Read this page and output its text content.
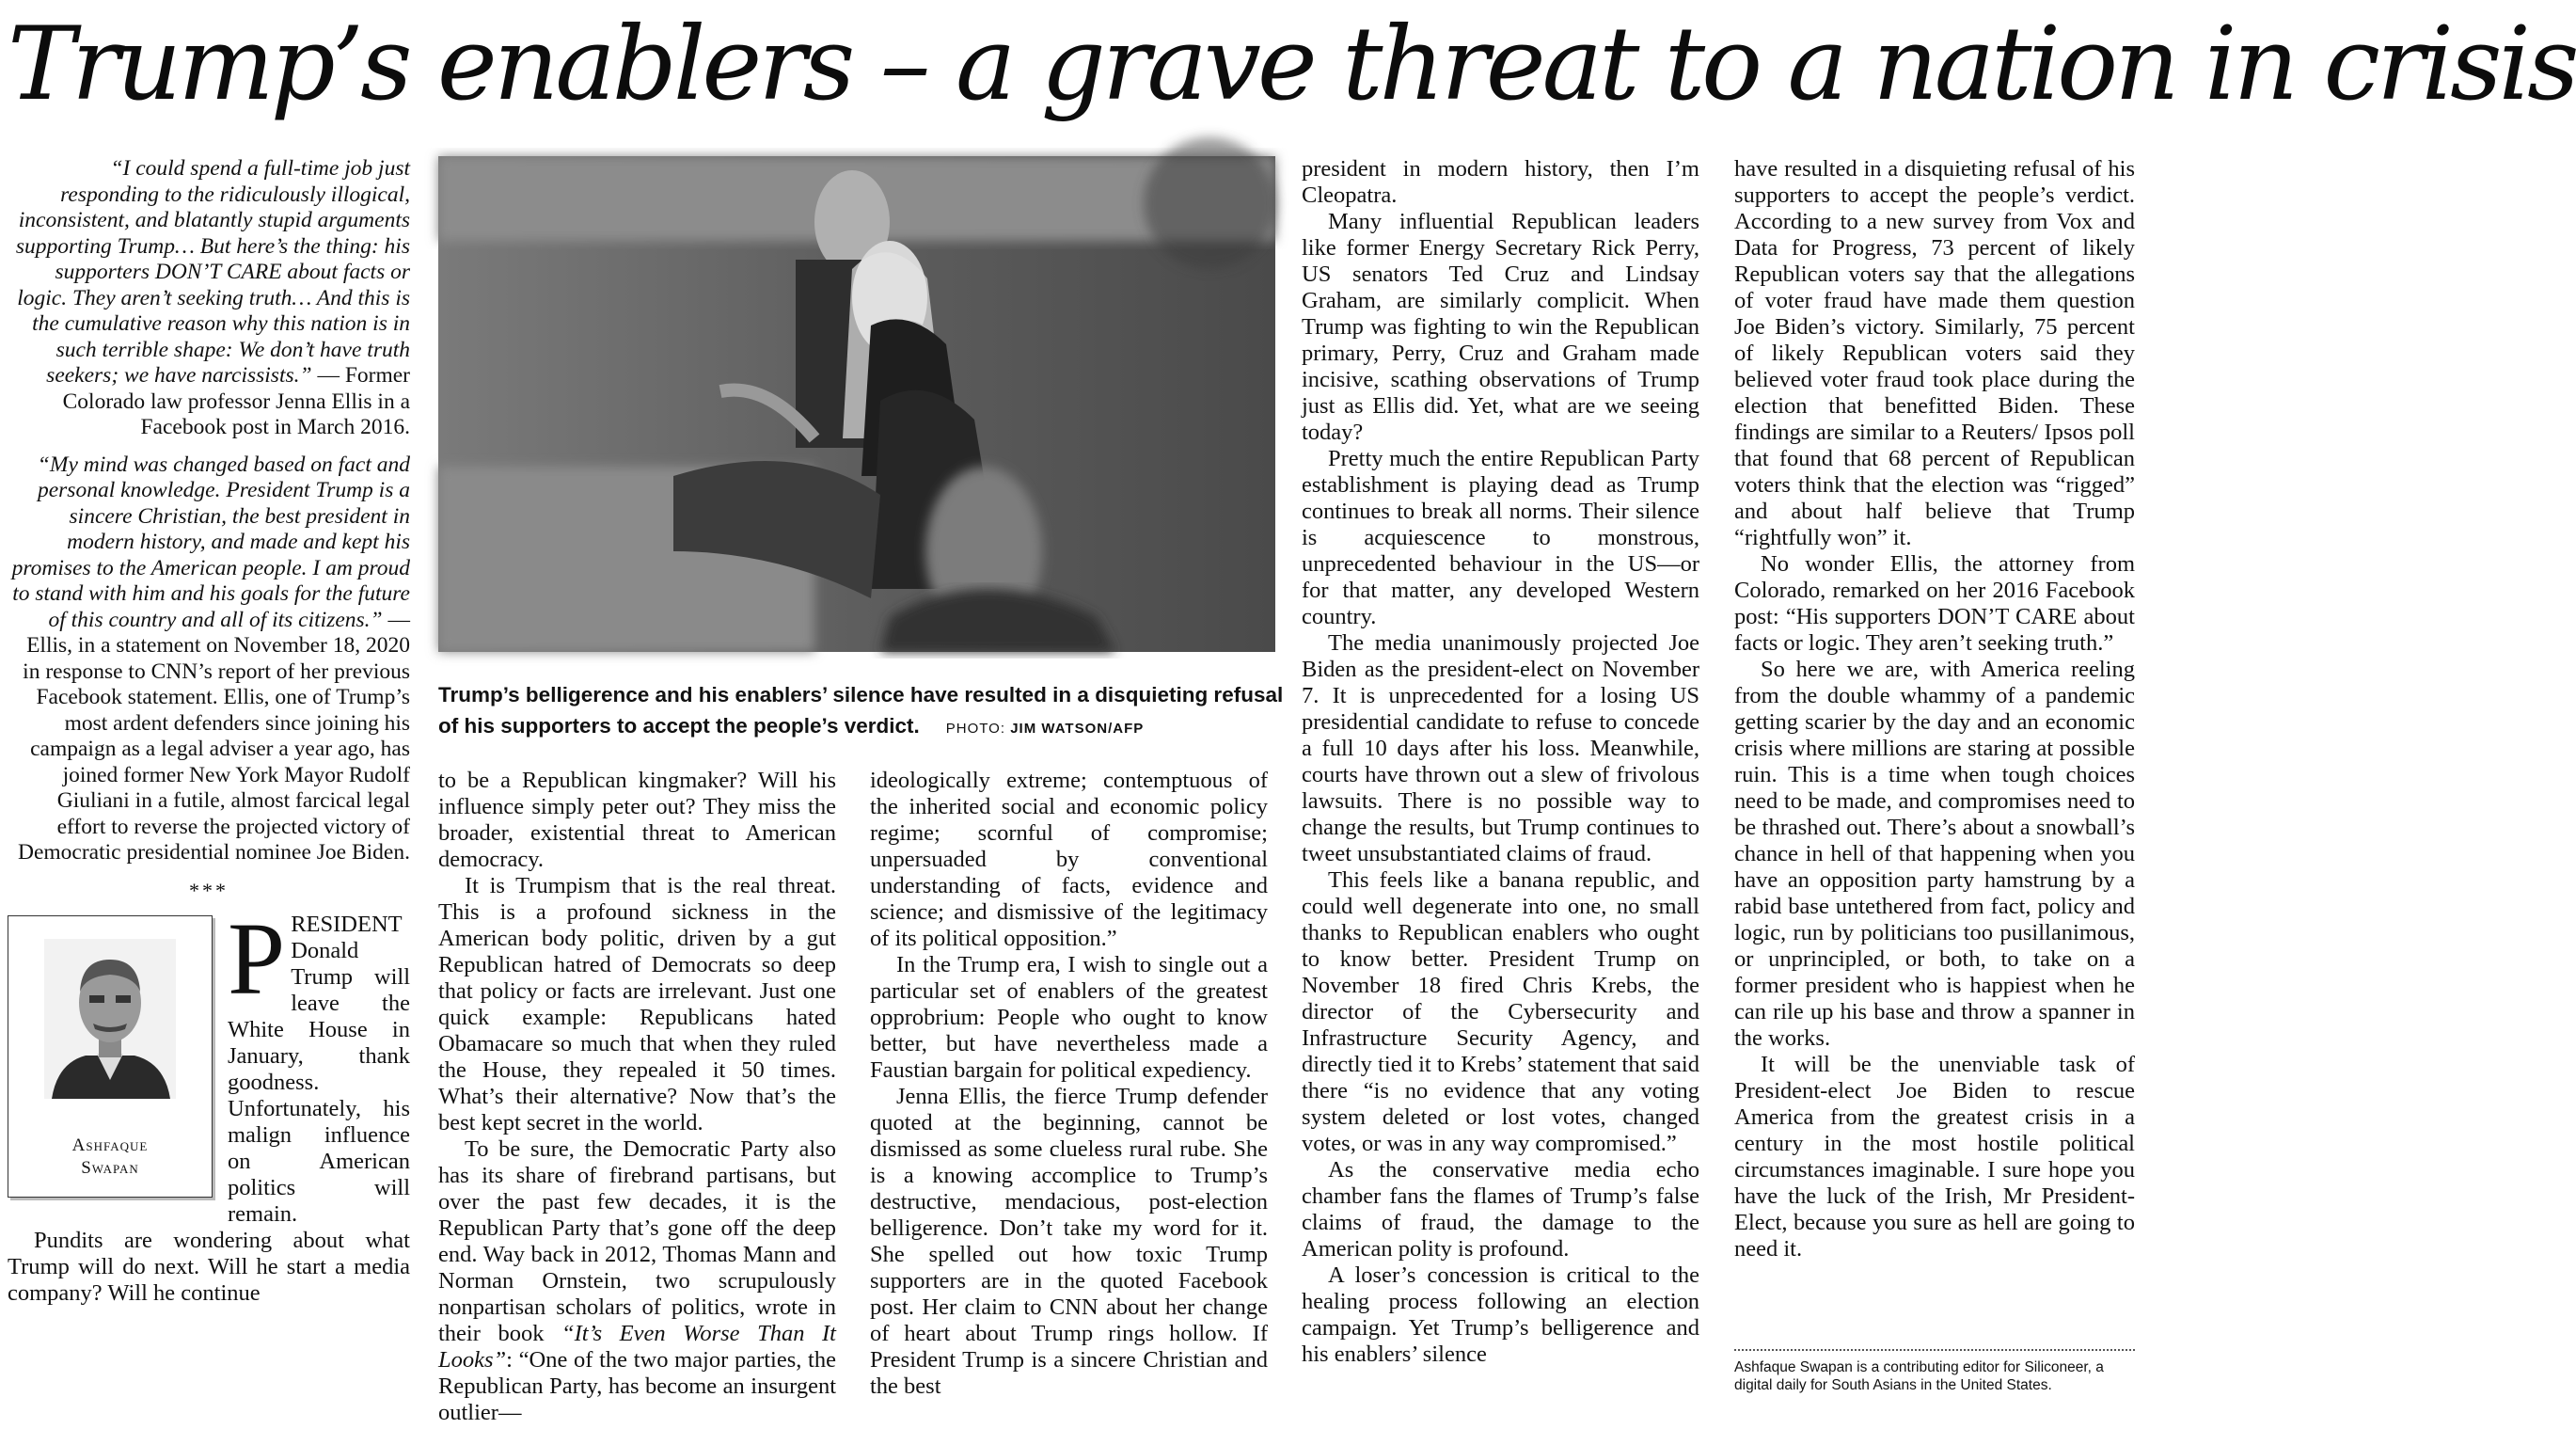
Trump’s enablers – a grave threat to a nation in crisis
“I could spend a full-time job just responding to the ridiculously illogical, inconsistent, and blatantly stupid arguments supporting Trump… But here’s the thing: his supporters DON’T CARE about facts or logic. They aren’t seeking truth… And this is the cumulative reason why this nation is in such terrible shape: We don’t have truth seekers; we have narcissists.” — Former Colorado law professor Jenna Ellis in a Facebook post in March 2016.
“My mind was changed based on fact and personal knowledge. President Trump is a sincere Christian, the best president in modern history, and made and kept his promises to the American people. I am proud to stand with him and his goals for the future of this country and all of its citizens.” — Ellis, in a statement on November 18, 2020 in response to CNN’s report of her previous Facebook statement. Ellis, one of Trump’s most ardent defenders since joining his campaign as a legal adviser a year ago, has joined former New York Mayor Rudolf Giuliani in a futile, almost farcical legal effort to reverse the projected victory of Democratic presidential nominee Joe Biden.
***
Ashfaque
Swapan

PRESIDENT Donald Trump will leave the White House in January, thank goodness. Unfortunately, his malign influence on American politics will remain.

Pundits are wondering about what Trump will do next. Will he start a media company? Will he continue

Trump’s belligerence and his enablers’ silence have resulted in a disquieting refusal of his supporters to accept the people’s verdict. PHOTO: JIM WATSON/AFP

to be a Republican kingmaker? Will his influence simply peter out? They miss the broader, existential threat to American democracy.

It is Trumpism that is the real threat. This is a profound sickness in the American body politic, driven by a gut Republican hatred of Democrats so deep that policy or facts are irrelevant. Just one quick example: Republicans hated Obamacare so much that when they ruled the House, they repealed it 50 times. What’s their alternative? Now that’s the best kept secret in the world.

To be sure, the Democratic Party also has its share of firebrand partisans, but over the past few decades, it is the Republican Party that’s gone off the deep end. Way back in 2012, Thomas Mann and Norman Ornstein, two scrupulously nonpartisan scholars of politics, wrote in their book “It’s Even Worse Than It Looks”: “One of the two major parties, the Republican Party, has become an insurgent outlier—

ideologically extreme; contemptuous of the inherited social and economic policy regime; scornful of compromise; unpersuaded by conventional understanding of facts, evidence and science; and dismissive of the legitimacy of its political opposition.”

In the Trump era, I wish to single out a particular set of enablers of the greatest opprobrium: People who ought to know better, but have nevertheless made a Faustian bargain for political expediency.

Jenna Ellis, the fierce Trump defender quoted at the beginning, cannot be dismissed as some clueless rural rube. She is a knowing accomplice to Trump’s destructive, mendacious, post-election belligerence. Don’t take my word for it. She spelled out how toxic Trump supporters are in the quoted Facebook post. Her claim to CNN about her change of heart about Trump rings hollow. If President Trump is a sincere Christian and the best

president in modern history, then I’m Cleopatra.

Many influential Republican leaders like former Energy Secretary Rick Perry, US senators Ted Cruz and Lindsay Graham, are similarly complicit. When Trump was fighting to win the Republican primary, Perry, Cruz and Graham made incisive, scathing observations of Trump just as Ellis did. Yet, what are we seeing today?

Pretty much the entire Republican Party establishment is playing dead as Trump continues to break all norms. Their silence is acquiescence to monstrous, unprecedented behaviour in the US—or for that matter, any developed Western country.

The media unanimously projected Joe Biden as the president-elect on November 7. It is unprecedented for a losing US presidential candidate to refuse to concede a full 10 days after his loss. Meanwhile, courts have thrown out a slew of frivolous lawsuits. There is no possible way to change the results, but Trump continues to tweet unsubstantiated claims of fraud.

This feels like a banana republic, and could well degenerate into one, no small thanks to Republican enablers who ought to know better. President Trump on November 18 fired Chris Krebs, the director of the Cybersecurity and Infrastructure Security Agency, and directly tied it to Krebs’ statement that said there “is no evidence that any voting system deleted or lost votes, changed votes, or was in any way compromised.”

As the conservative media echo chamber fans the flames of Trump’s false claims of fraud, the damage to the American polity is profound.

A loser’s concession is critical to the healing process following an election campaign. Yet Trump’s belligerence and his enablers’ silence

have resulted in a disquieting refusal of his supporters to accept the people’s verdict. According to a new survey from Vox and Data for Progress, 73 percent of likely Republican voters say that the allegations of voter fraud have made them question Joe Biden’s victory. Similarly, 75 percent of likely Republican voters said they believed voter fraud took place during the election that benefitted Biden. These findings are similar to a Reuters/ Ipsos poll that found that 68 percent of Republican voters think that the election was “rigged” and about half believe that Trump “rightfully won” it.

No wonder Ellis, the attorney from Colorado, remarked on her 2016 Facebook post: “His supporters DON’T CARE about facts or logic. They aren’t seeking truth.”

So here we are, with America reeling from the double whammy of a pandemic getting scarier by the day and an economic crisis where millions are staring at possible ruin. This is a time when tough choices need to be made, and compromises need to be thrashed out. There’s about a snowball’s chance in hell of that happening when you have an opposition party hamstrung by a rabid base untethered from fact, policy and logic, run by politicians too pusillanimous, or unprincipled, or both, to take on a former president who is happiest when he can rile up his base and throw a spanner in the works.

It will be the unenviable task of President-elect Joe Biden to rescue America from the greatest crisis in a century in the most hostile political circumstances imaginable. I sure hope you have the luck of the Irish, Mr President-Elect, because you sure as hell are going to need it.

Ashfaque Swapan is a contributing editor for Siliconeer, a digital daily for South Asians in the United States.
